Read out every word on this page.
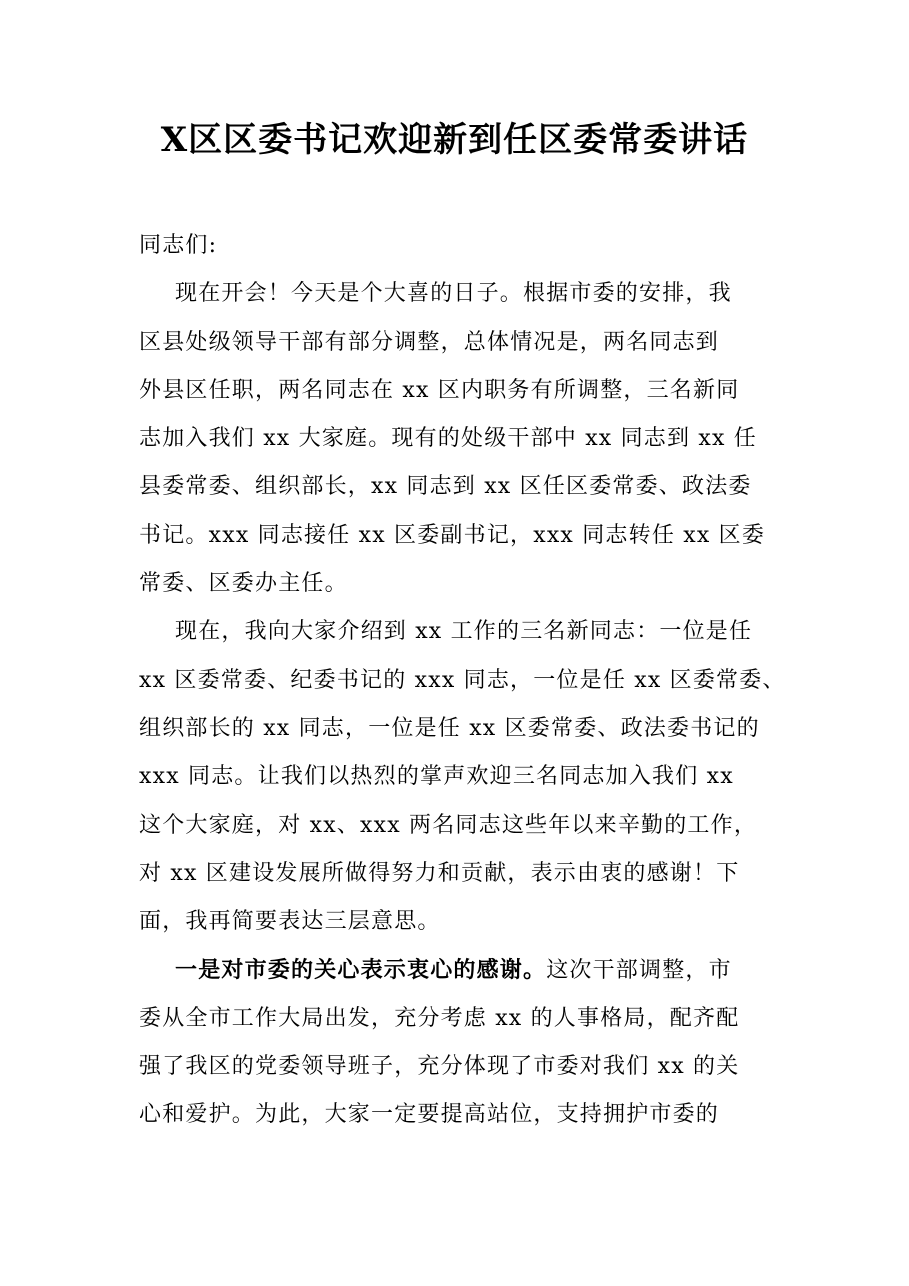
X区区委书记欢迎新到任区委常委讲话
同志们:
现在开会！今天是个大喜的日子。根据市委的安排，我
区县处级领导干部有部分调整，总体情况是，两名同志到
外县区任职，两名同志在 xx 区内职务有所调整，三名新同
志加入我们 xx 大家庭。现有的处级干部中 xx 同志到 xx 任
县委常委、组织部长，xx 同志到 xx 区任区委常委、政法委
书记。xxx 同志接任 xx 区委副书记，xxx 同志转任 xx 区委
常委、区委办主任。
现在，我向大家介绍到 xx 工作的三名新同志：一位是任
xx 区委常委、纪委书记的 xxx 同志，一位是任 xx 区委常委、
组织部长的 xx 同志，一位是任 xx 区委常委、政法委书记的
xxx 同志。让我们以热烈的掌声欢迎三名同志加入我们 xx
这个大家庭，对 xx、xxx 两名同志这些年以来辛勤的工作，
对 xx 区建设发展所做得努力和贡献，表示由衷的感谢！下
面，我再简要表达三层意思。
一是对市委的关心表示衷心的感谢。这次干部调整，市
委从全市工作大局出发，充分考虑 xx 的人事格局，配齐配
强了我区的党委领导班子，充分体现了市委对我们 xx 的关
心和爱护。为此，大家一定要提高站位，支持拥护市委的
